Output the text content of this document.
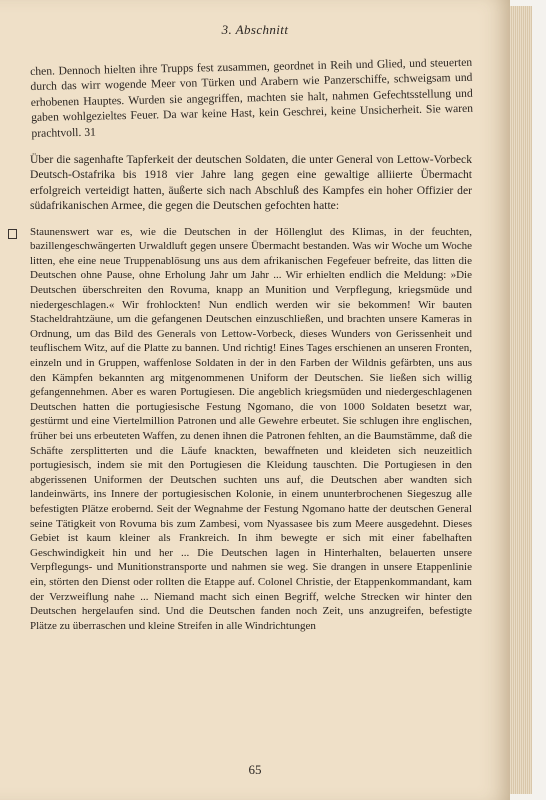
3. Abschnitt

chen. Dennoch hielten ihre Trupps fest zusammen, geordnet in Reih und Glied, und steuerten durch das wirr wogende Meer von Türken und Arabern wie Panzerschiffe, schweigsam und erhobenen Hauptes. Wurden sie angegriffen, machten sie halt, nahmen Gefechtsstellung und gaben wohlgezieltes Feuer. Da war keine Hast, kein Geschrei, keine Unsicherheit. Sie waren prachtvoll. 31

Über die sagenhafte Tapferkeit der deutschen Soldaten, die unter General von Lettow-Vorbeck Deutsch-Ostafrika bis 1918 vier Jahre lang gegen eine gewaltige alliierte Übermacht erfolgreich verteidigt hatten, äußerte sich nach Abschluß des Kampfes ein hoher Offizier der südafrikanischen Armee, die gegen die Deutschen gefochten hatte:

Staunenswert war es, wie die Deutschen in der Höllenglut des Klimas, in der feuchten, bazillengeschwängerten Urwaldluft gegen unsere Übermacht bestanden. Was wir Woche um Woche litten, ehe eine neue Truppenablösung uns aus dem afrikanischen Fegefeuer befreite, das litten die Deutschen ohne Pause, ohne Erholung Jahr um Jahr ... Wir erhielten endlich die Meldung: »Die Deutschen überschreiten den Rovuma, knapp an Munition und Verpflegung, kriegsmüde und niedergeschlagen.« Wir frohlockten! Nun endlich werden wir sie bekommen! Wir bauten Stacheldrahtzäune, um die gefangenen Deutschen einzuschließen, und brachten unsere Kameras in Ordnung, um das Bild des Generals von Lettow-Vorbeck, dieses Wunders von Gerissenheit und teuflischem Witz, auf die Platte zu bannen. Und richtig! Eines Tages erschienen an unseren Fronten, einzeln und in Gruppen, waffenlose Soldaten in der in den Farben der Wildnis gefärbten, uns aus den Kämpfen bekannten arg mitgenommenen Uniform der Deutschen. Sie ließen sich willig gefangennehmen. Aber es waren Portugiesen. Die angeblich kriegsmüden und niedergeschlagenen Deutschen hatten die portugiesische Festung Ngomano, die von 1000 Soldaten besetzt war, gestürmt und eine Viertelmillion Patronen und alle Gewehre erbeutet. Sie schlugen ihre englischen, früher bei uns erbeuteten Waffen, zu denen ihnen die Patronen fehlten, an die Baumstämme, daß die Schäfte zersplitterten und die Läufe knackten, bewaffneten und kleideten sich neuzeitlich portugiesisch, indem sie mit den Portugiesen die Kleidung tauschten. Die Portugiesen in den abgerissenen Uniformen der Deutschen suchten uns auf, die Deutschen aber wandten sich landeinwärts, ins Innere der portugiesischen Kolonie, in einem ununterbrochenen Siegeszug alle befestigten Plätze erobernd. Seit der Wegnahme der Festung Ngomano hatte der deutschen General seine Tätigkeit von Rovuma bis zum Zambesi, vom Nyassasee bis zum Meere ausgedehnt. Dieses Gebiet ist kaum kleiner als Frankreich. In ihm bewegte er sich mit einer fabelhaften Geschwindigkeit hin und her ... Die Deutschen lagen in Hinterhalten, belauerten unsere Verpflegungs- und Munitionstransporte und nahmen sie weg. Sie drangen in unsere Etappenlinie ein, störten den Dienst oder rollten die Etappe auf. Colonel Christie, der Etappenkommandant, kam der Verzweiflung nahe ... Niemand macht sich einen Begriff, welche Strecken wir hinter den Deutschen hergelaufen sind. Und die Deutschen fanden noch Zeit, uns anzugreifen, befestigte Plätze zu überraschen und kleine Streifen in alle Windrichtungen

65
